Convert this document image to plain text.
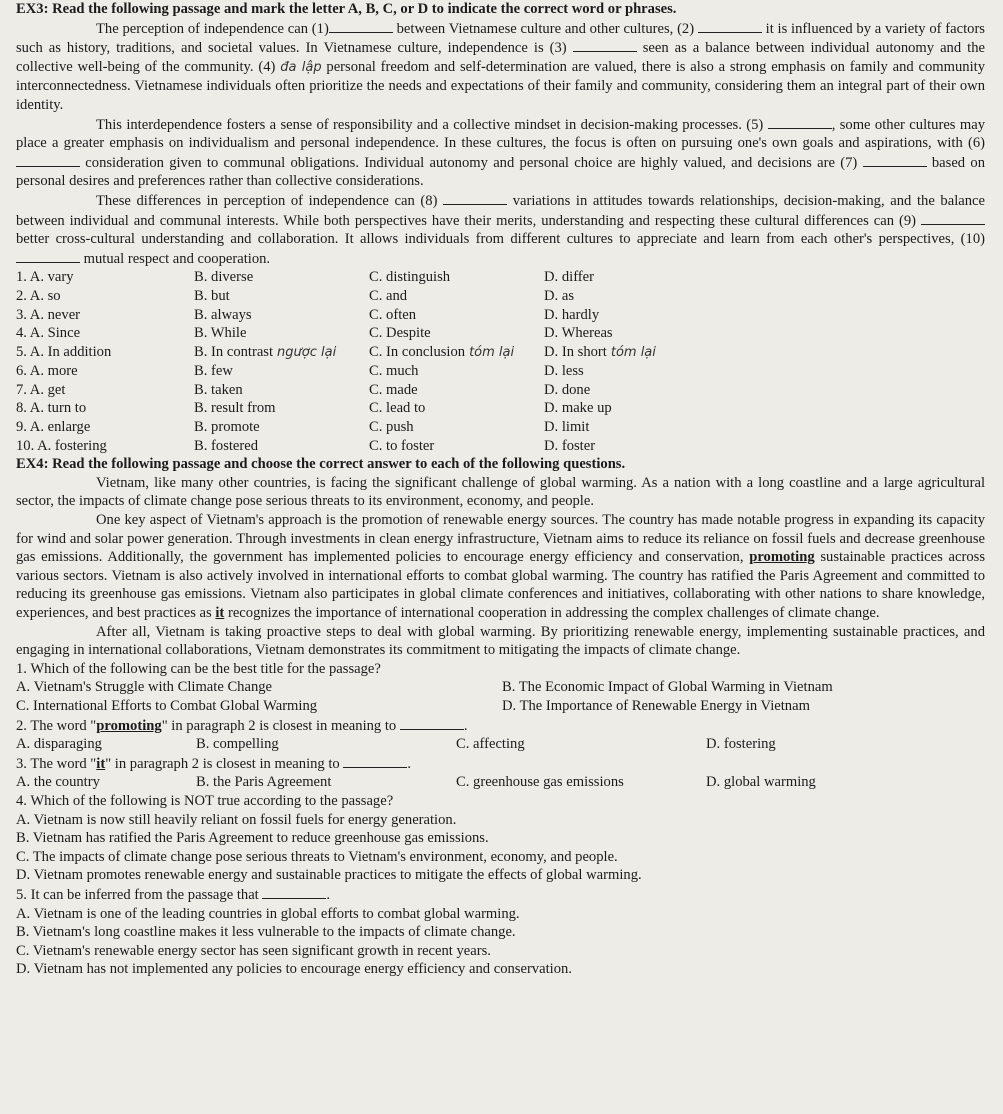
EX3: Read the following passage and mark the letter A, B, C, or D to indicate the correct word or phrases.

The perception of independence can (1)	between Vietnamese culture and other cultures, (2)	it is influenced by a variety of factors such as history, traditions, and societal values. In Vietnamese culture, independence is (3)	seen as a balance between individual autonomy and the collective well-being of the community. (4) đa lập personal freedom and self-determination are valued, there is also a strong emphasis on family and community interconnectedness. Vietnamese individuals often prioritize the needs and expectations of their family and community, considering them an integral part of their own identity.

This interdependence fosters a sense of responsibility and a collective mindset in decision-making processes. (5)	, some other cultures may place a greater emphasis on individualism and personal independence. In these cultures, the focus is often on pursuing one's own goals and aspirations, with (6)  consideration given to communal obligations. Individual autonomy and personal choice are highly valued, and decisions are (7)	based on personal desires and preferences rather than collective considerations.

These differences in perception of independence can (8)	variations in attitudes towards relationships, decision-making, and the balance between individual and communal interests. While both perspectives have their merits, understanding and respecting these cultural differences can (9)  better cross-cultural understanding and collaboration. It allows individuals from different cultures to appreciate and learn from each other's perspectives, (10)  mutual respect and cooperation.

1. A. vary	B. diverse	C. distinguish	D. differ
2. A. so	B. but	C. and	D. as
3. A. never	B. always	C. often	D. hardly
4. A. Since	B. While	C. Despite	D. Whereas
5. A. In addition	B. In contrast ngược lại	C. In conclusion tóm lại	D. In short tóm lại
6. A. more	B. few	C. much	D. less
7. A. get	B. taken	C. made	D. done
8. A. turn to	B. result from	C. lead to	D. make up
9. A. enlarge	B. promote	C. push	D. limit
10. A. fostering	B. fostered	C. to foster	D. foster

EX4: Read the following passage and choose the correct answer to each of the following questions.

Vietnam, like many other countries, is facing the significant challenge of global warming. As a nation with a long coastline and a large agricultural sector, the impacts of climate change pose serious threats to its environment, economy, and people.

One key aspect of Vietnam's approach is the promotion of renewable energy sources. The country has made notable progress in expanding its capacity for wind and solar power generation. Through investments in clean energy infrastructure, Vietnam aims to reduce its reliance on fossil fuels and decrease greenhouse gas emissions. Additionally, the government has implemented policies to encourage energy efficiency and conservation, promoting sustainable practices across various sectors. Vietnam is also actively involved in international efforts to combat global warming. The country has ratified the Paris Agreement and committed to reducing its greenhouse gas emissions. Vietnam also participates in global climate conferences and initiatives, collaborating with other nations to share knowledge, experiences, and best practices as it recognizes the importance of international cooperation in addressing the complex challenges of climate change.

After all, Vietnam is taking proactive steps to deal with global warming. By prioritizing renewable energy, implementing sustainable practices, and engaging in international collaborations, Vietnam demonstrates its commitment to mitigating the impacts of climate change.

1. Which of the following can be the best title for the passage?

A. Vietnam's Struggle with Climate Change	B. The Economic Impact of Global Warming in Vietnam
C. International Efforts to Combat Global Warming	D. The Importance of Renewable Energy in Vietnam

2. The word "promoting" in paragraph 2 is closest in meaning to	.

A. disparaging	B. compelling	C. affecting	D. fostering

3. The word "it" in paragraph 2 is closest in meaning to	.

A. the country	B. the Paris Agreement	C. greenhouse gas emissions	D. global warming

4. Which of the following is NOT true according to the passage?

A. Vietnam is now still heavily reliant on fossil fuels for energy generation.

B. Vietnam has ratified the Paris Agreement to reduce greenhouse gas emissions.

C. The impacts of climate change pose serious threats to Vietnam's environment, economy, and people.

D. Vietnam promotes renewable energy and sustainable practices to mitigate the effects of global warming.

5. It can be inferred from the passage that	.

A. Vietnam is one of the leading countries in global efforts to combat global warming.

B. Vietnam's long coastline makes it less vulnerable to the impacts of climate change.

C. Vietnam's renewable energy sector has seen significant growth in recent years.

D. Vietnam has not implemented any policies to encourage energy efficiency and conservation.
